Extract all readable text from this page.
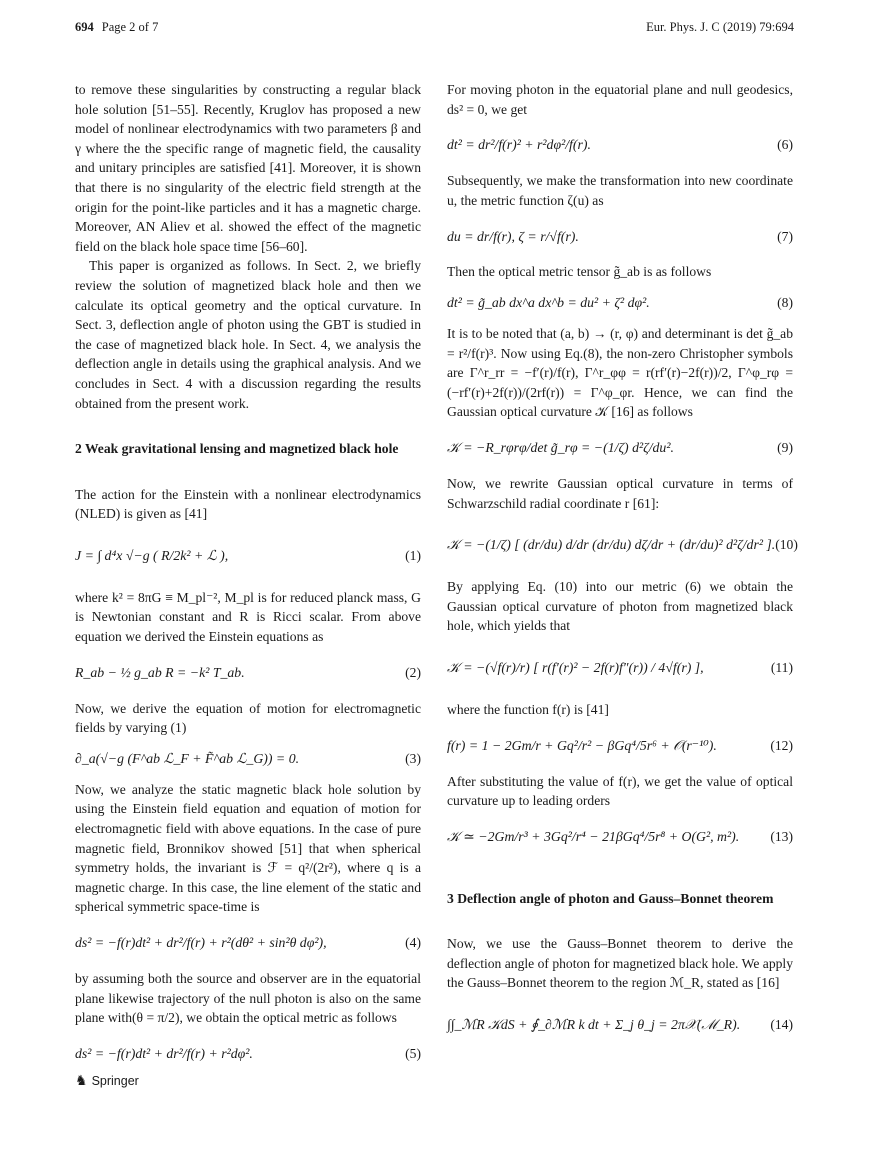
694 Page 2 of 7	Eur. Phys. J. C (2019) 79:694

to remove these singularities by constructing a regular black hole solution [51–55]. Recently, Kruglov has proposed a new model of nonlinear electrodynamics with two parameters β and γ where the the specific range of magnetic field, the causality and unitary principles are satisfied [41]. Moreover, it is shown that there is no singularity of the electric field strength at the origin for the point-like particles and it has a magnetic charge. Moreover, AN Aliev et al. showed the effect of the magnetic field on the black hole space time [56–60].

This paper is organized as follows. In Sect. 2, we briefly review the solution of magnetized black hole and then we calculate its optical geometry and the optical curvature. In Sect. 3, deflection angle of photon using the GBT is studied in the case of magnetized black hole. In Sect. 4, we analysis the deflection angle in details using the graphical analysis. And we concludes in Sect. 4 with a discussion regarding the results obtained from the present work.

2 Weak gravitational lensing and magnetized black hole

The action for the Einstein with a nonlinear electrodynamics (NLED) is given as [41]

J = ∫ d⁴x √−g ( R/2k² + ℒ ),	(1)

where k² = 8πG ≡ M_pl⁻², M_pl is for reduced planck mass, G is Newtonian constant and R is Ricci scalar. From above equation we derived the Einstein equations as

R_ab − ½ g_ab R = −k² T_ab.	(2)

Now, we derive the equation of motion for electromagnetic fields by varying (1)

∂_a(√−g (F^ab ℒ_F + F̃^ab ℒ_G)) = 0.	(3)

Now, we analyze the static magnetic black hole solution by using the Einstein field equation and equation of motion for electromagnetic field with above equations. In the case of pure magnetic field, Bronnikov showed [51] that when spherical symmetry holds, the invariant is ℱ = q²/(2r²), where q is a magnetic charge. In this case, the line element of the static and spherical symmetric space-time is

ds² = −f(r)dt² + dr²/f(r) + r²(dθ² + sin²θ dφ²),	(4)

by assuming both the source and observer are in the equatorial plane likewise trajectory of the null photon is also on the same plane with(θ = π/2), we obtain the optical metric as follows

ds² = −f(r)dt² + dr²/f(r) + r²dφ².	(5)

For moving photon in the equatorial plane and null geodesics, ds² = 0, we get

dt² = dr²/f(r)² + r²dφ²/f(r).	(6)

Subsequently, we make the transformation into new coordinate u, the metric function ζ(u) as

du = dr/f(r), ζ = r/√f(r).	(7)

Then the optical metric tensor g̃_ab is as follows

dt² = g̃_ab dx^a dx^b = du² + ζ² dφ².	(8)

It is to be noted that (a, b) → (r, φ) and determinant is det g̃_ab = r²/f(r)³. Now using Eq.(8), the non-zero Christopher symbols are Γ^r_rr = −f′(r)/f(r), Γ^r_φφ = r(rf′(r)−2f(r))/2, Γ^φ_rφ = (−rf′(r)+2f(r))/(2rf(r)) = Γ^φ_φr. Hence, we can find the Gaussian optical curvature 𝒦 [16] as follows

𝒦 = −R_rφrφ/det g̃_rφ = −(1/ζ) d²ζ/du².	(9)

Now, we rewrite Gaussian optical curvature in terms of Schwarzschild radial coordinate r [61]:

𝒦 = −(1/ζ) [ (dr/du) d/dr (dr/du) dζ/dr + (dr/du)² d²ζ/dr² ]. (10)

By applying Eq. (10) into our metric (6) we obtain the Gaussian optical curvature of photon from magnetized black hole, which yields that

𝒦 = −(√f(r)/r) [ r(f′(r)² − 2f(r)f″(r)) / 4√f(r) ],	(11)

where the function f(r) is [41]

f(r) = 1 − 2Gm/r + Gq²/r² − βGq⁴/5r⁶ + 𝒪(r⁻¹⁰).	(12)

After substituting the value of f(r), we get the value of optical curvature up to leading orders

𝒦 ≃ −2Gm/r³ + 3Gq²/r⁴ − 21βGq⁴/5r⁸ + O(G², m²).	(13)
3 Deflection angle of photon and Gauss–Bonnet theorem

Now, we use the Gauss–Bonnet theorem to derive the deflection angle of photon for magnetized black hole. We apply the Gauss–Bonnet theorem to the region ℳ_R, stated as [16]

∫∫_ℳR 𝒦dS + ∮_∂ℳR k dt + Σ_j θ_j = 2π𝒳(ℳ_R).	(14)
♞ Springer
